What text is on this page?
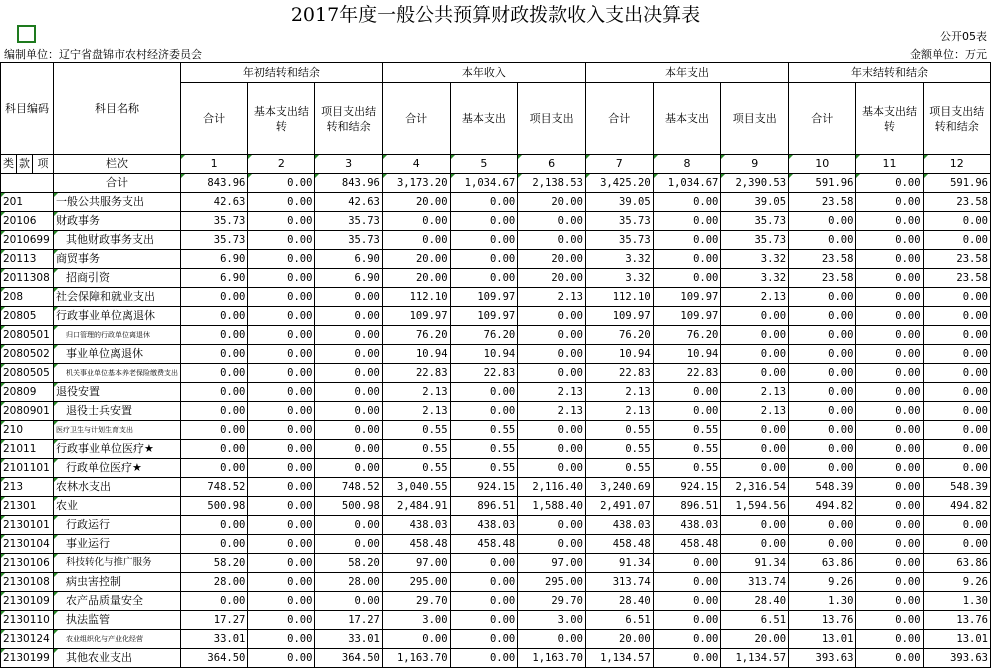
2017年度一般公共预算财政拨款收入支出决算表
公开05表
编制单位：辽宁省盘锦市农村经济委员会	金额单位：万元
科目编码			科目名称	年初结转和结余			本年收入			本年支出			年末结转和结余		
				合计	基本支出结转	项目支出结转和结余	合计	基本支出	项目支出	合计	基本支出	项目支出	合计	基本支出结转	项目支出结转和结余
类	款	项	栏次	1	2	3	4	5	6	7	8	9	10	11	12
			合计	843.96	0.00	843.96	3,173.20	1,034.67	2,138.53	3,425.20	1,034.67	2,390.53	591.96	0.00	591.96
201			一般公共服务支出	42.63	0.00	42.63	20.00	0.00	20.00	39.05	0.00	39.05	23.58	0.00	23.58
20106			财政事务	35.73	0.00	35.73	0.00	0.00	0.00	35.73	0.00	35.73	0.00	0.00	0.00
2010699			其他财政事务支出	35.73	0.00	35.73	0.00	0.00	0.00	35.73	0.00	35.73	0.00	0.00	0.00
20113			商贸事务	6.90	0.00	6.90	20.00	0.00	20.00	3.32	0.00	3.32	23.58	0.00	23.58
2011308			招商引资	6.90	0.00	6.90	20.00	0.00	20.00	3.32	0.00	3.32	23.58	0.00	23.58
208			社会保障和就业支出	0.00	0.00	0.00	112.10	109.97	2.13	112.10	109.97	2.13	0.00	0.00	0.00
20805			行政事业单位离退休	0.00	0.00	0.00	109.97	109.97	0.00	109.97	109.97	0.00	0.00	0.00	0.00
2080501			归口管理的行政单位离退休	0.00	0.00	0.00	76.20	76.20	0.00	76.20	76.20	0.00	0.00	0.00	0.00
2080502			事业单位离退休	0.00	0.00	0.00	10.94	10.94	0.00	10.94	10.94	0.00	0.00	0.00	0.00
2080505			机关事业单位基本养老保险缴费支出	0.00	0.00	0.00	22.83	22.83	0.00	22.83	22.83	0.00	0.00	0.00	0.00
20809			退役安置	0.00	0.00	0.00	2.13	0.00	2.13	2.13	0.00	2.13	0.00	0.00	0.00
2080901			退役士兵安置	0.00	0.00	0.00	2.13	0.00	2.13	2.13	0.00	2.13	0.00	0.00	0.00
210			医疗卫生与计划生育支出	0.00	0.00	0.00	0.55	0.55	0.00	0.55	0.55	0.00	0.00	0.00	0.00
21011			行政事业单位医疗★	0.00	0.00	0.00	0.55	0.55	0.00	0.55	0.55	0.00	0.00	0.00	0.00
2101101			行政单位医疗★	0.00	0.00	0.00	0.55	0.55	0.00	0.55	0.55	0.00	0.00	0.00	0.00
213			农林水支出	748.52	0.00	748.52	3,040.55	924.15	2,116.40	3,240.69	924.15	2,316.54	548.39	0.00	548.39
21301			农业	500.98	0.00	500.98	2,484.91	896.51	1,588.40	2,491.07	896.51	1,594.56	494.82	0.00	494.82
2130101			行政运行	0.00	0.00	0.00	438.03	438.03	0.00	438.03	438.03	0.00	0.00	0.00	0.00
2130104			事业运行	0.00	0.00	0.00	458.48	458.48	0.00	458.48	458.48	0.00	0.00	0.00	0.00
2130106			科技转化与推广服务	58.20	0.00	58.20	97.00	0.00	97.00	91.34	0.00	91.34	63.86	0.00	63.86
2130108			病虫害控制	28.00	0.00	28.00	295.00	0.00	295.00	313.74	0.00	313.74	9.26	0.00	9.26
2130109			农产品质量安全	0.00	0.00	0.00	29.70	0.00	29.70	28.40	0.00	28.40	1.30	0.00	1.30
2130110			执法监管	17.27	0.00	17.27	3.00	0.00	3.00	6.51	0.00	6.51	13.76	0.00	13.76
2130124			农业组织化与产业化经营	33.01	0.00	33.01	0.00	0.00	0.00	20.00	0.00	20.00	13.01	0.00	13.01
2130199			其他农业支出	364.50	0.00	364.50	1,163.70	0.00	1,163.70	1,134.57	0.00	1,134.57	393.63	0.00	393.63
